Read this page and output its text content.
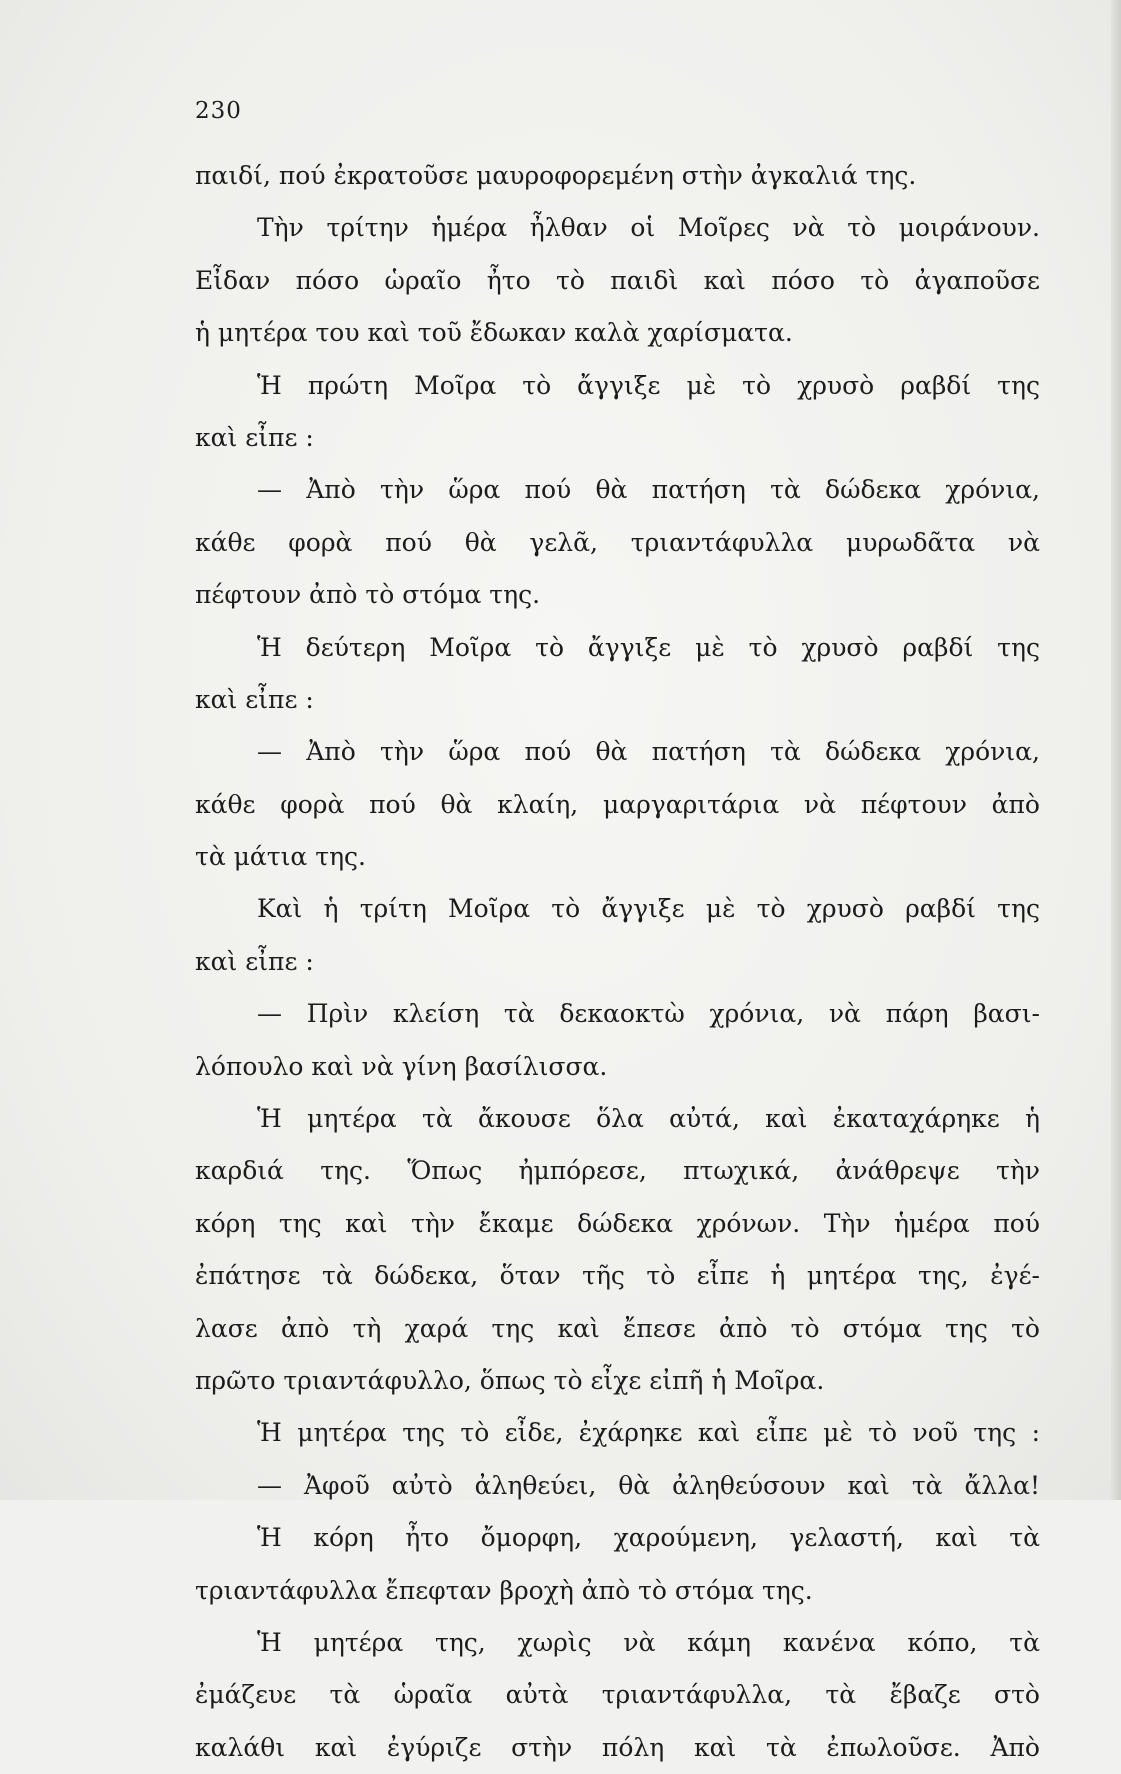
230
παιδί, πού ἐκρατοῦσε μαυροφορεμένη στὴν ἀγκαλιά της.
Τὴν τρίτην ἡμέρα ἦλθαν οἱ Μοῖρες νὰ τὸ μοιράνουν.
Εἶδαν πόσο ὡραῖο ἦτο τὸ παιδὶ καὶ πόσο τὸ ἀγαποῦσε
ἡ μητέρα του καὶ τοῦ ἔδωκαν καλὰ χαρίσματα.
Ἡ πρώτη Μοῖρα τὸ ἄγγιξε μὲ τὸ χρυσὸ ραβδί της
καὶ εἶπε :
— Ἀπὸ τὴν ὥρα πού θὰ πατήση τὰ δώδεκα χρόνια,
κάθε φορὰ πού θὰ γελᾶ, τριαντάφυλλα μυρωδᾶτα νὰ
πέφτουν ἀπὸ τὸ στόμα της.
Ἡ δεύτερη Μοῖρα τὸ ἄγγιξε μὲ τὸ χρυσὸ ραβδί της
καὶ εἶπε :
— Ἀπὸ τὴν ὥρα πού θὰ πατήση τὰ δώδεκα χρόνια,
κάθε φορὰ πού θὰ κλαίη, μαργαριτάρια νὰ πέφτουν ἀπὸ
τὰ μάτια της.
Καὶ ἡ τρίτη Μοῖρα τὸ ἄγγιξε μὲ τὸ χρυσὸ ραβδί της
καὶ εἶπε :
— Πρὶν κλείση τὰ δεκαοκτὼ χρόνια, νὰ πάρη βασι-
λόπουλο καὶ νὰ γίνη βασίλισσα.
Ἡ μητέρα τὰ ἄκουσε ὅλα αὐτά, καὶ ἐκαταχάρηκε ἡ
καρδιά της. Ὅπως ἠμπόρεσε, πτωχικά, ἀνάθρεψε τὴν
κόρη της καὶ τὴν ἔκαμε δώδεκα χρόνων. Τὴν ἡμέρα πού
ἐπάτησε τὰ δώδεκα, ὅταν τῆς τὸ εἶπε ἡ μητέρα της, ἐγέ-
λασε ἀπὸ τὴ χαρά της καὶ ἔπεσε ἀπὸ τὸ στόμα της τὸ
πρῶτο τριαντάφυλλο, ὅπως τὸ εἶχε εἰπῆ ἡ Μοῖρα.
Ἡ μητέρα της τὸ εἶδε, ἐχάρηκε καὶ εἶπε μὲ τὸ νοῦ της :
— Ἀφοῦ αὐτὸ ἀληθεύει, θὰ ἀληθεύσουν καὶ τὰ ἄλλα!
Ἡ κόρη ἦτο ὄμορφη, χαρούμενη, γελαστή, καὶ τὰ
τριαντάφυλλα ἔπεφταν βροχὴ ἀπὸ τὸ στόμα της.
Ἡ μητέρα της, χωρὶς νὰ κάμη κανένα κόπο, τὰ
ἐμάζευε τὰ ὡραῖα αὐτὰ τριαντάφυλλα, τὰ ἔβαζε στὸ
καλάθι καὶ ἐγύριζε στὴν πόλη καὶ τὰ ἐπωλοῦσε. Ἀπὸ
